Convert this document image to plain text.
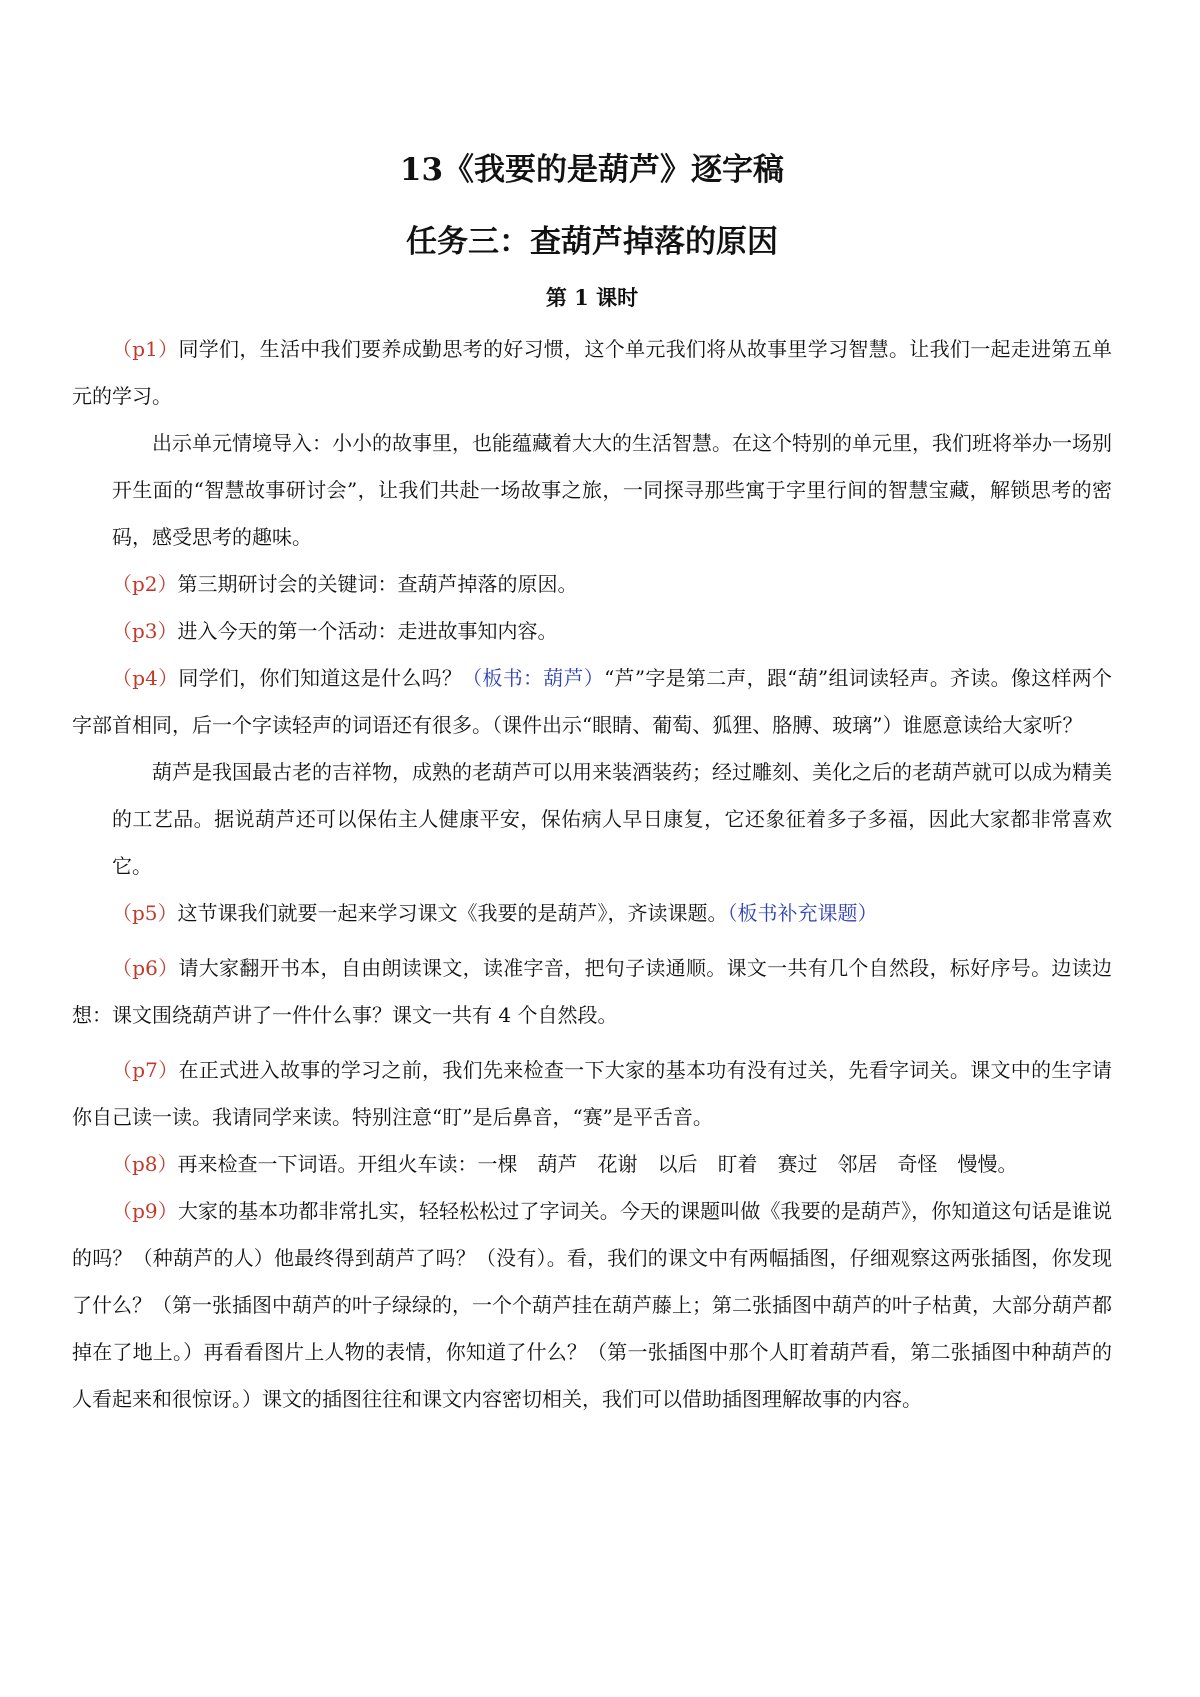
13《我要的是葫芦》逐字稿
任务三：查葫芦掉落的原因
第 1 课时

（p1）同学们，生活中我们要养成勤思考的好习惯，这个单元我们将从故事里学习智慧。让我们一起走进第五单元的学习。

出示单元情境导入：小小的故事里，也能蕴藏着大大的生活智慧。在这个特别的单元里，我们班将举办一场别开生面的“智慧故事研讨会”，让我们共赴一场故事之旅，一同探寻那些寓于字里行间的智慧宝藏，解锁思考的密码，感受思考的趣味。

（p2）第三期研讨会的关键词：查葫芦掉落的原因。

（p3）进入今天的第一个活动：走进故事知内容。

（p4）同学们，你们知道这是什么吗？（板书：葫芦）“芦”字是第二声，跟“葫”组词读轻声。齐读。像这样两个字部首相同，后一个字读轻声的词语还有很多。（课件出示“眼睛、葡萄、狐狸、胳膊、玻璃”）谁愿意读给大家听？

葫芦是我国最古老的吉祥物，成熟的老葫芦可以用来装酒装药；经过雕刻、美化之后的老葫芦就可以成为精美的工艺品。据说葫芦还可以保佑主人健康平安，保佑病人早日康复，它还象征着多子多福，因此大家都非常喜欢它。

（p5）这节课我们就要一起来学习课文《我要的是葫芦》，齐读课题。（板书补充课题）

（p6）请大家翻开书本，自由朗读课文，读准字音，把句子读通顺。课文一共有几个自然段，标好序号。边读边想：课文围绕葫芦讲了一件什么事？课文一共有 4 个自然段。

（p7）在正式进入故事的学习之前，我们先来检查一下大家的基本功有没有过关，先看字词关。课文中的生字请你自己读一读。我请同学来读。特别注意“盯”是后鼻音，“赛”是平舌音。

（p8）再来检查一下词语。开组火车读：一棵　葫芦　花谢　以后　盯着　赛过　邻居　奇怪　慢慢。

（p9）大家的基本功都非常扎实，轻轻松松过了字词关。今天的课题叫做《我要的是葫芦》，你知道这句话是谁说的吗？（种葫芦的人）他最终得到葫芦了吗？（没有）。看，我们的课文中有两幅插图，仔细观察这两张插图，你发现了什么？（第一张插图中葫芦的叶子绿绿的，一个个葫芦挂在葫芦藤上；第二张插图中葫芦的叶子枯黄，大部分葫芦都掉在了地上。）再看看图片上人物的表情，你知道了什么？（第一张插图中那个人盯着葫芦看，第二张插图中种葫芦的人看起来和很惊讶。）课文的插图往往和课文内容密切相关，我们可以借助插图理解故事的内容。
